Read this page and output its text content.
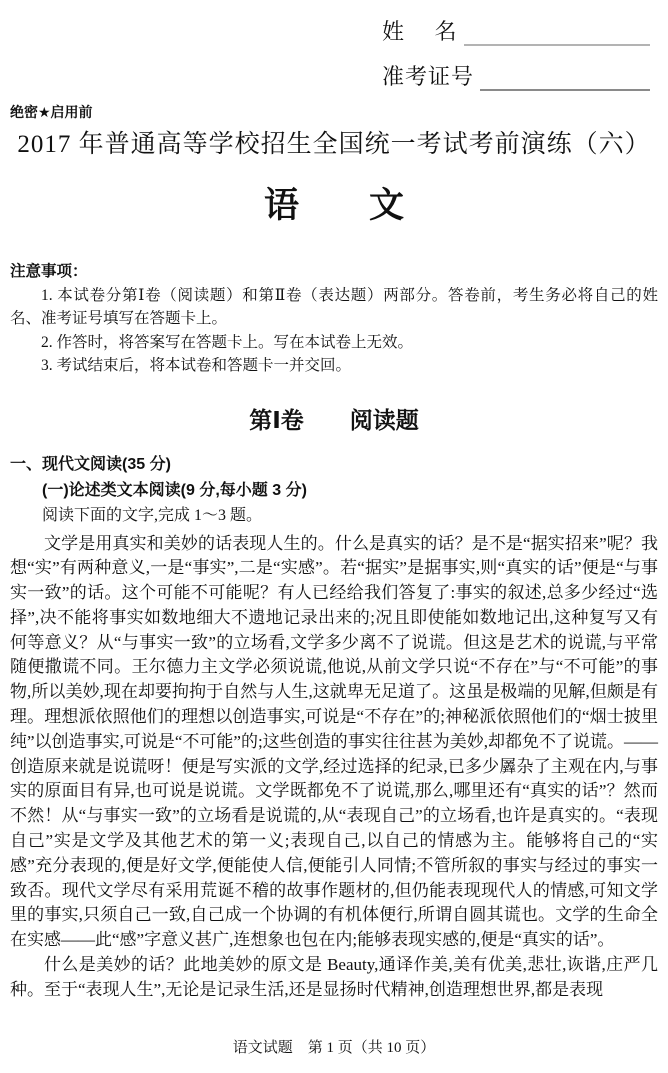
姓　 名
准考证号
绝密★启用前
2017 年普通高等学校招生全国统一考试考前演练（六）
语　　文
注意事项：

1. 本试卷分第Ⅰ卷（阅读题）和第Ⅱ卷（表达题）两部分。答卷前，考生务必将自己的姓名、准考证号填写在答题卡上。

2. 作答时，将答案写在答题卡上。写在本试卷上无效。

3. 考试结束后，将本试卷和答题卡一并交回。

第Ⅰ卷　　阅读题
一、现代文阅读(35 分)
(一)论述类文本阅读(9 分,每小题 3 分)
阅读下面的文字,完成 1～3 题。

文学是用真实和美妙的话表现人生的。什么是真实的话？是不是“据实招来”呢？我想“实”有两种意义,一是“事实”,二是“实感”。若“据实”是据事实,则“真实的话”便是“与事实一致”的话。这个可能不可能呢？有人已经给我们答复了:事实的叙述,总多少经过“选择”,决不能将事实如数地细大不遗地记录出来的;况且即使能如数地记出,这种复写又有何等意义？从“与事实一致”的立场看,文学多少离不了说谎。但这是艺术的说谎,与平常随便撒谎不同。王尔德力主文学必须说谎,他说,从前文学只说“不存在”与“不可能”的事物,所以美妙,现在却要拘拘于自然与人生,这就卑无足道了。这虽是极端的见解,但颇是有理。理想派依照他们的理想以创造事实,可说是“不存在”的;神秘派依照他们的“烟士披里纯”以创造事实,可说是“不可能”的;这些创造的事实往往甚为美妙,却都免不了说谎。——创造原来就是说谎呀！便是写实派的文学,经过选择的纪录,已多少羼杂了主观在内,与事实的原面目有异,也可说是说谎。文学既都免不了说谎,那么,哪里还有“真实的话”？然而不然！从“与事实一致”的立场看是说谎的,从“表现自己”的立场看,也许是真实的。“表现自己”实是文学及其他艺术的第一义;表现自己,以自己的情感为主。能够将自己的“实感”充分表现的,便是好文学,便能使人信,便能引人同情;不管所叙的事实与经过的事实一致否。现代文学尽有采用荒诞不稽的故事作题材的,但仍能表现现代人的情感,可知文学里的事实,只须自己一致,自己成一个协调的有机体便行,所谓自圆其谎也。文学的生命全在实感——此“感”字意义甚广,连想象也包在内;能够表现实感的,便是“真实的话”。

什么是美妙的话？此地美妙的原文是 Beauty,通译作美,美有优美,悲壮,诙谐,庄严几种。至于“表现人生”,无论是记录生活,还是显扬时代精神,创造理想世界,都是表现

语文试题　第 1 页（共 10 页）
